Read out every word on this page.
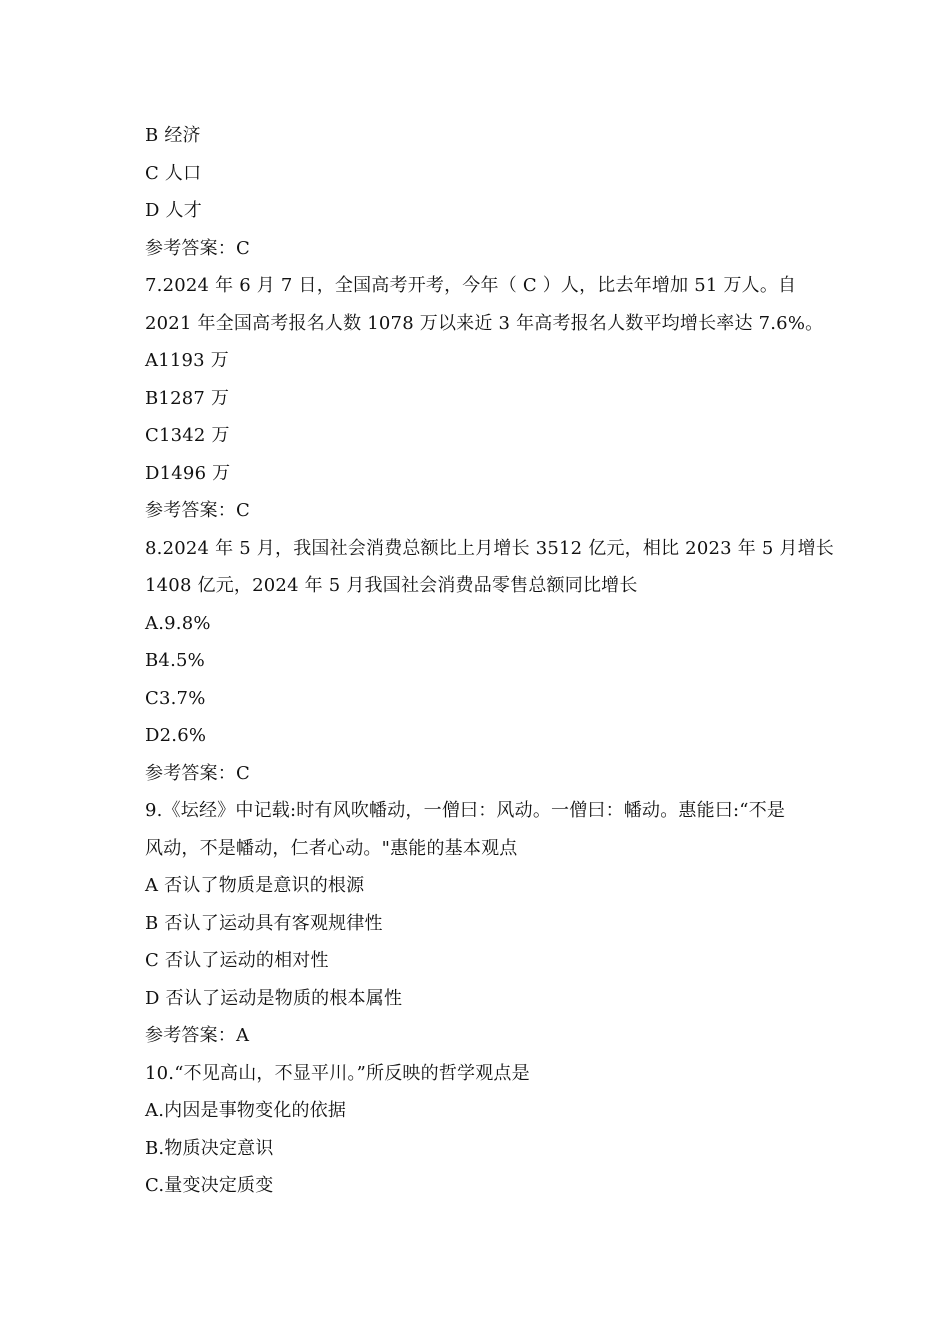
B 经济
C 人口
D 人才
参考答案：C
7.2024 年 6 月 7 日，全国高考开考，今年（ C ）人，比去年增加 51 万人。自
2021 年全国高考报名人数 1078 万以来近 3 年高考报名人数平均增长率达 7.6%。
A1193 万
B1287 万
C1342 万
D1496 万
参考答案：C
8.2024 年 5 月，我国社会消费总额比上月增长 3512 亿元，相比 2023 年 5 月增长
1408 亿元，2024 年 5 月我国社会消费品零售总额同比增长
A.9.8%
B4.5%
C3.7%
D2.6%
参考答案：C
9.《坛经》中记载:时有风吹幡动，一僧曰：风动。一僧曰：幡动。惠能曰:“不是
风动，不是幡动，仁者心动。"惠能的基本观点
A 否认了物质是意识的根源
B 否认了运动具有客观规律性
C 否认了运动的相对性
D 否认了运动是物质的根本属性
参考答案：A
10.“不见高山，不显平川。”所反映的哲学观点是
A.内因是事物变化的依据
B.物质决定意识
C.量变决定质变
